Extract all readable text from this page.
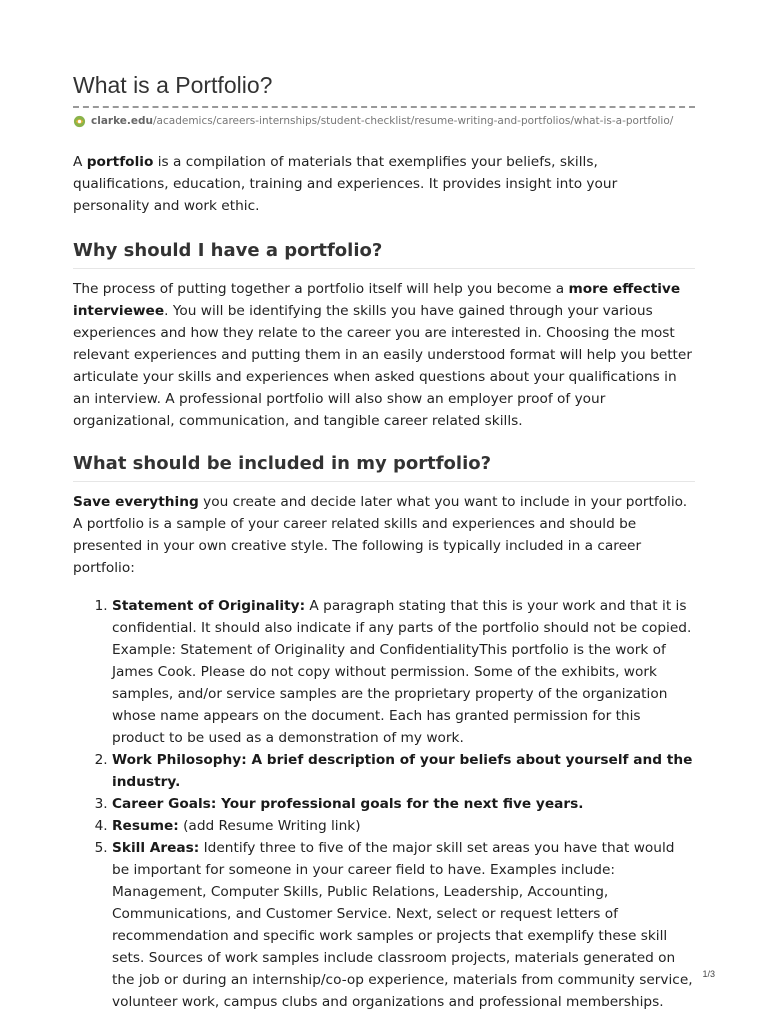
What is a Portfolio?
clarke.edu /academics/careers-internships/student-checklist/resume-writing-and-portfolios/what-is-a-portfolio/

A portfolio is a compilation of materials that exemplifies your beliefs, skills, qualifications, education, training and experiences. It provides insight into your personality and work ethic.

Why should I have a portfolio?

The process of putting together a portfolio itself will help you become a more effective interviewee. You will be identifying the skills you have gained through your various experiences and how they relate to the career you are interested in. Choosing the most relevant experiences and putting them in an easily understood format will help you better articulate your skills and experiences when asked questions about your qualifications in an interview. A professional portfolio will also show an employer proof of your organizational, communication, and tangible career related skills.

What should be included in my portfolio?

Save everything you create and decide later what you want to include in your portfolio. A portfolio is a sample of your career related skills and experiences and should be presented in your own creative style. The following is typically included in a career portfolio:

1. Statement of Originality: A paragraph stating that this is your work and that it is confidential. It should also indicate if any parts of the portfolio should not be copied. Example: Statement of Originality and ConfidentialityThis portfolio is the work of James Cook. Please do not copy without permission. Some of the exhibits, work samples, and/or service samples are the proprietary property of the organization whose name appears on the document. Each has granted permission for this product to be used as a demonstration of my work.
2. Work Philosophy: A brief description of your beliefs about yourself and the industry.
3. Career Goals: Your professional goals for the next five years.
4. Resume: (add Resume Writing link)
5. Skill Areas: Identify three to five of the major skill set areas you have that would be important for someone in your career field to have. Examples include: Management, Computer Skills, Public Relations, Leadership, Accounting, Communications, and Customer Service. Next, select or request letters of recommendation and specific work samples or projects that exemplify these skill sets. Sources of work samples include classroom projects, materials generated on the job or during an internship/co-op experience, materials from community service, volunteer work, campus clubs and organizations and professional memberships.
1/3
